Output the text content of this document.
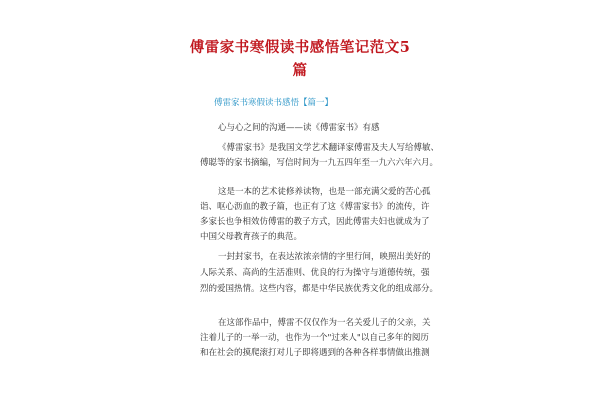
傅雷家书寒假读书感悟笔记范文5
篇
傅雷家书寒假读书感悟【篇一】
心与心之间的沟通——读《傅雷家书》有感
《傅雷家书》是我国文学艺术翻译家傅雷及夫人写给傅敏、
傅聪等的家书摘编，写信时间为一九五四年至一九六六年六月。
这是一本的艺术徒修养读物，也是一部充满父爱的苦心孤
诣、呕心沥血的教子篇，也正有了这《傅雷家书》的流传，许
多家长也争相效仿傅雷的教子方式，因此傅雷夫妇也就成为了
中国父母教育孩子的典范。
一封封家书，在表达浓浓亲情的字里行间，映照出美好的
人际关系、高尚的生活准则、优良的行为操守与道德传统，强
烈的爱国热情。这些内容，都是中华民族优秀文化的组成部分。
在这部作品中，傅雷不仅仅作为一名关爱儿子的父亲，关
注着儿子的一举一动，也作为一个"过来人"以自己多年的阅历
和在社会的摸爬滚打对儿子即将遇到的各种各样事情做出推测
